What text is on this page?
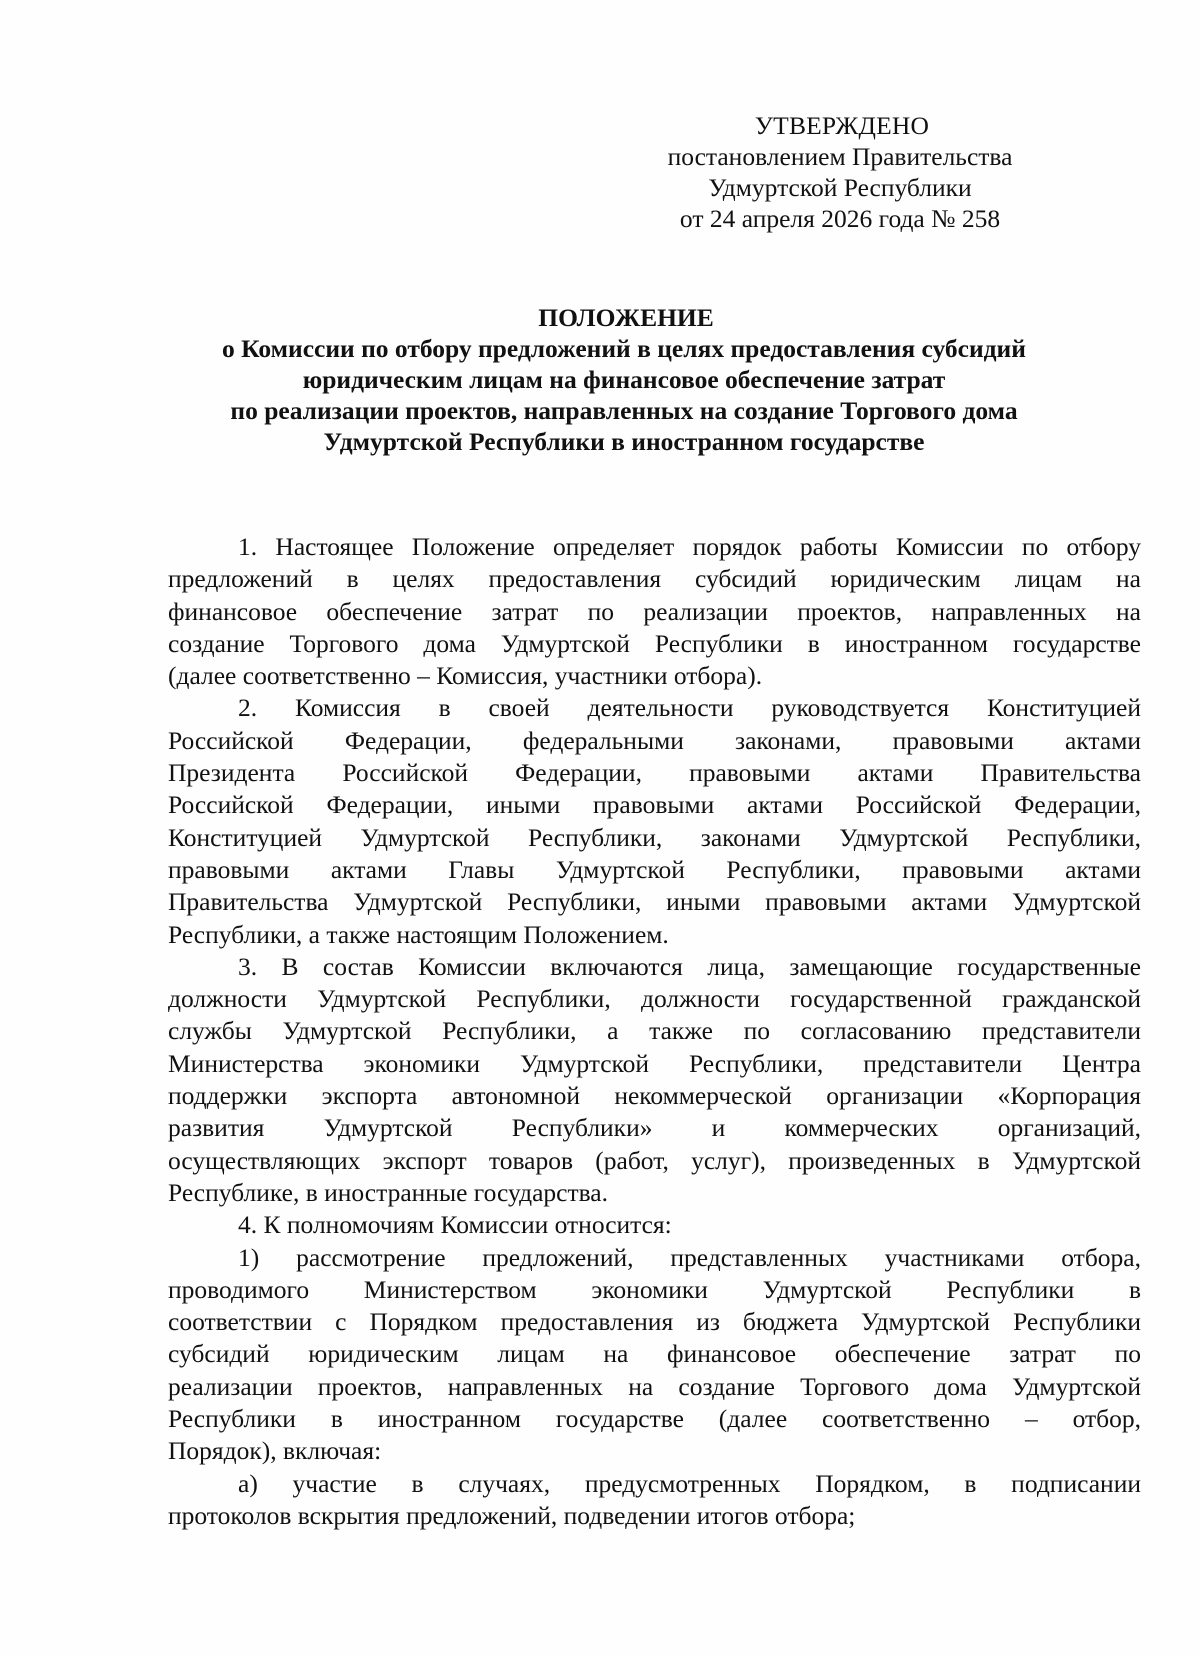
УТВЕРЖДЕНО
постановлением Правительства
Удмуртской Республики
от 24 апреля 2026 года № 258
ПОЛОЖЕНИЕ
о Комиссии по отбору предложений в целях предоставления субсидий
юридическим лицам на финансовое обеспечение затрат
по реализации проектов, направленных на создание Торгового дома
Удмуртской Республики в иностранном государстве
1. Настоящее Положение определяет порядок работы Комиссии по отбору
предложений в целях предоставления субсидий юридическим лицам на
финансовое обеспечение затрат по реализации проектов, направленных на
создание Торгового дома Удмуртской Республики в иностранном государстве
(далее соответственно – Комиссия, участники отбора).
2. Комиссия в своей деятельности руководствуется Конституцией
Российской Федерации, федеральными законами, правовыми актами
Президента Российской Федерации, правовыми актами Правительства
Российской Федерации, иными правовыми актами Российской Федерации,
Конституцией Удмуртской Республики, законами Удмуртской Республики,
правовыми актами Главы Удмуртской Республики, правовыми актами
Правительства Удмуртской Республики, иными правовыми актами Удмуртской
Республики, а также настоящим Положением.
3. В состав Комиссии включаются лица, замещающие государственные
должности Удмуртской Республики, должности государственной гражданской
службы Удмуртской Республики, а также по согласованию представители
Министерства экономики Удмуртской Республики, представители Центра
поддержки экспорта автономной некоммерческой организации «Корпорация
развития Удмуртской Республики» и коммерческих организаций,
осуществляющих экспорт товаров (работ, услуг), произведенных в Удмуртской
Республике, в иностранные государства.
4. К полномочиям Комиссии относится:
1) рассмотрение предложений, представленных участниками отбора,
проводимого Министерством экономики Удмуртской Республики в
соответствии с Порядком предоставления из бюджета Удмуртской Республики
субсидий юридическим лицам на финансовое обеспечение затрат по
реализации проектов, направленных на создание Торгового дома Удмуртской
Республики в иностранном государстве (далее соответственно – отбор,
Порядок), включая:
а) участие в случаях, предусмотренных Порядком, в подписании
протоколов вскрытия предложений, подведении итогов отбора;
